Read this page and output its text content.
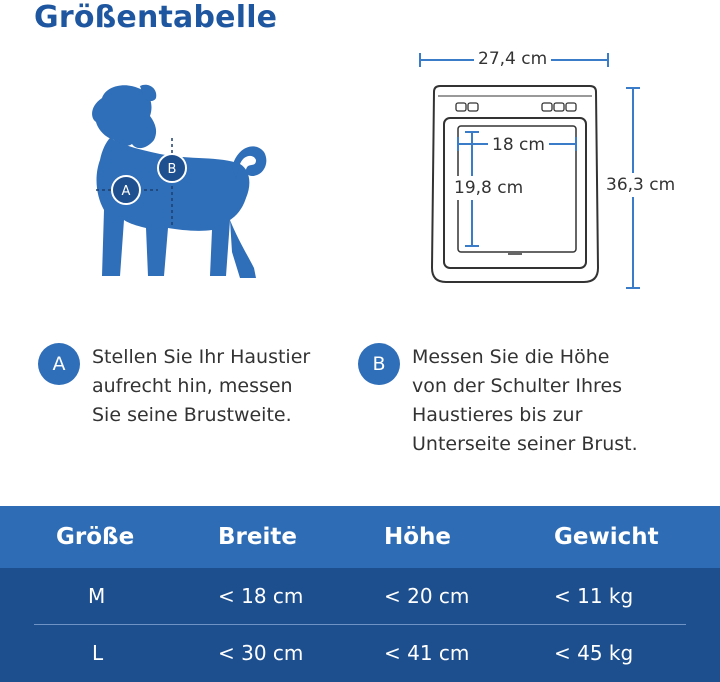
Größentabelle
A
B
27,4 cm
36,3 cm
18 cm
19,8 cm
A	Stellen Sie Ihr Haustier
aufrecht hin, messen
Sie seine Brustweite.
B	Messen Sie die Höhe
von der Schulter Ihres
Haustieres bis zur
Unterseite seiner Brust.
Größe	Breite	Höhe	Gewicht
M	< 18 cm	< 20 cm	< 11 kg
L	< 30 cm	< 41 cm	< 45 kg
